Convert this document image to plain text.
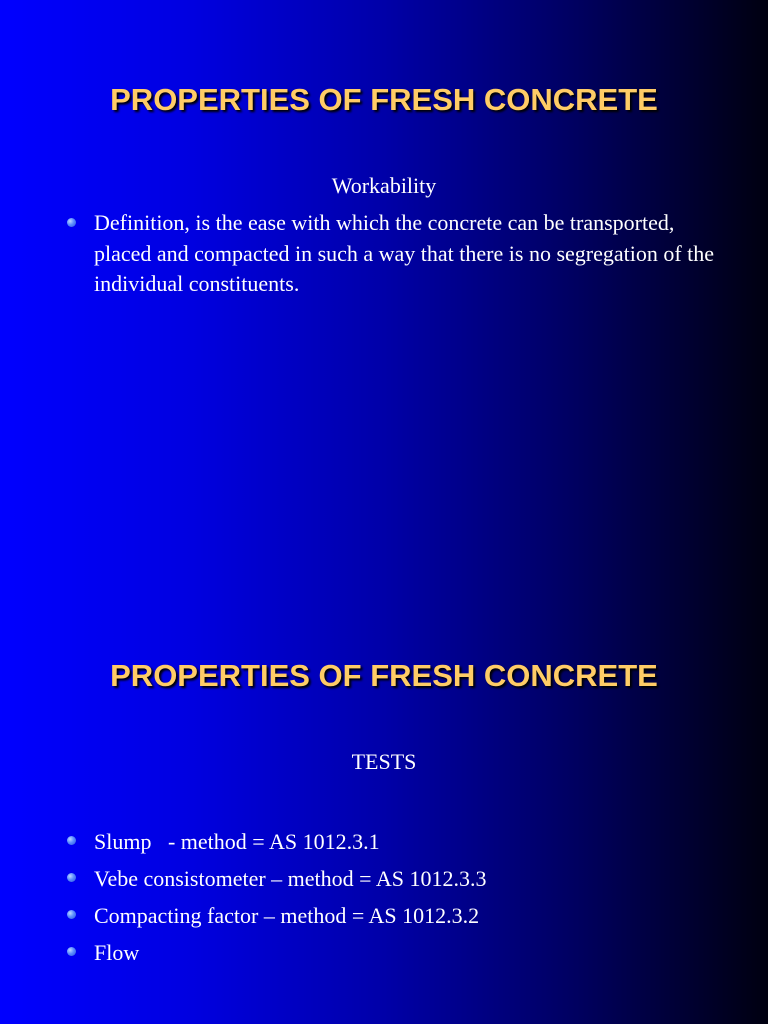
PROPERTIES OF FRESH CONCRETE
Workability
Definition, is the ease with which the concrete can be transported, placed and compacted in such a way that there is no segregation of the individual constituents.
PROPERTIES OF FRESH CONCRETE
TESTS
Slump   - method = AS 1012.3.1
Vebe consistometer – method = AS 1012.3.3
Compacting factor – method = AS 1012.3.2
Flow
